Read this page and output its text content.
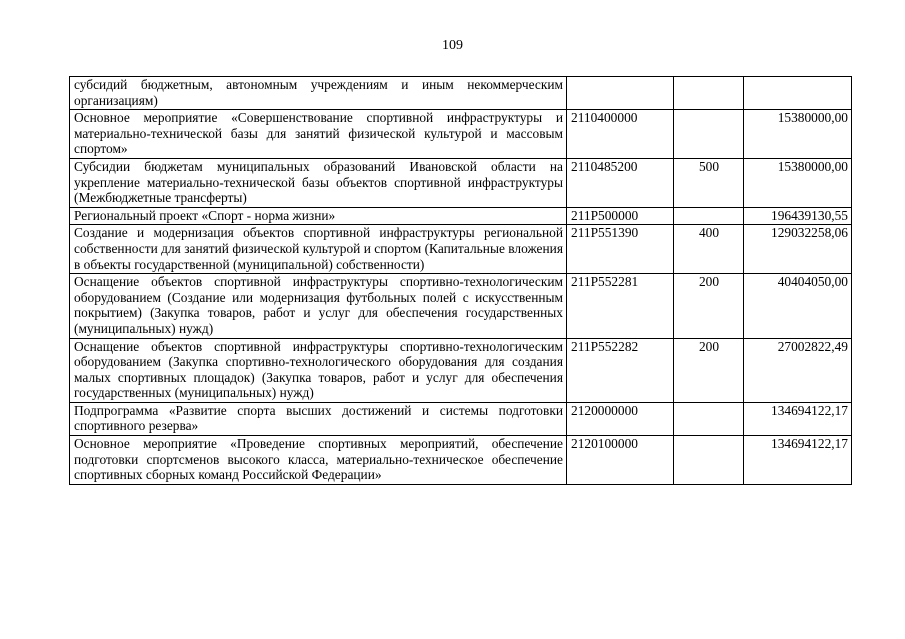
109
субсидий бюджетным, автономным учреждениям и иным некоммерческим организациям)			
Основное мероприятие «Совершенствование спортивной инфраструктуры и материально-технической базы для занятий физической культурой и массовым спортом»	2110400000		15380000,00
Субсидии бюджетам муниципальных образований Ивановской области на укрепление материально-технической базы объектов спортивной инфраструктуры (Межбюджетные трансферты)	2110485200	500	15380000,00
Региональный проект «Спорт - норма жизни»	211P500000		196439130,55
Создание и модернизация объектов спортивной инфраструктуры региональной собственности для занятий физической культурой и спортом (Капитальные вложения в объекты государственной (муниципальной) собственности)	211P551390	400	129032258,06
Оснащение объектов спортивной инфраструктуры спортивно-технологическим оборудованием (Создание или модернизация футбольных полей с искусственным покрытием) (Закупка товаров, работ и услуг для обеспечения государственных (муниципальных) нужд)	211P552281	200	40404050,00
Оснащение объектов спортивной инфраструктуры спортивно-технологическим оборудованием (Закупка спортивно-технологического оборудования для создания малых спортивных площадок) (Закупка товаров, работ и услуг для обеспечения государственных (муниципальных) нужд)	211P552282	200	27002822,49
Подпрограмма «Развитие спорта высших достижений и системы подготовки спортивного резерва»	2120000000		134694122,17
Основное мероприятие «Проведение спортивных мероприятий, обеспечение подготовки спортсменов высокого класса, материально-техническое обеспечение спортивных сборных команд Российской Федерации»	2120100000		134694122,17
